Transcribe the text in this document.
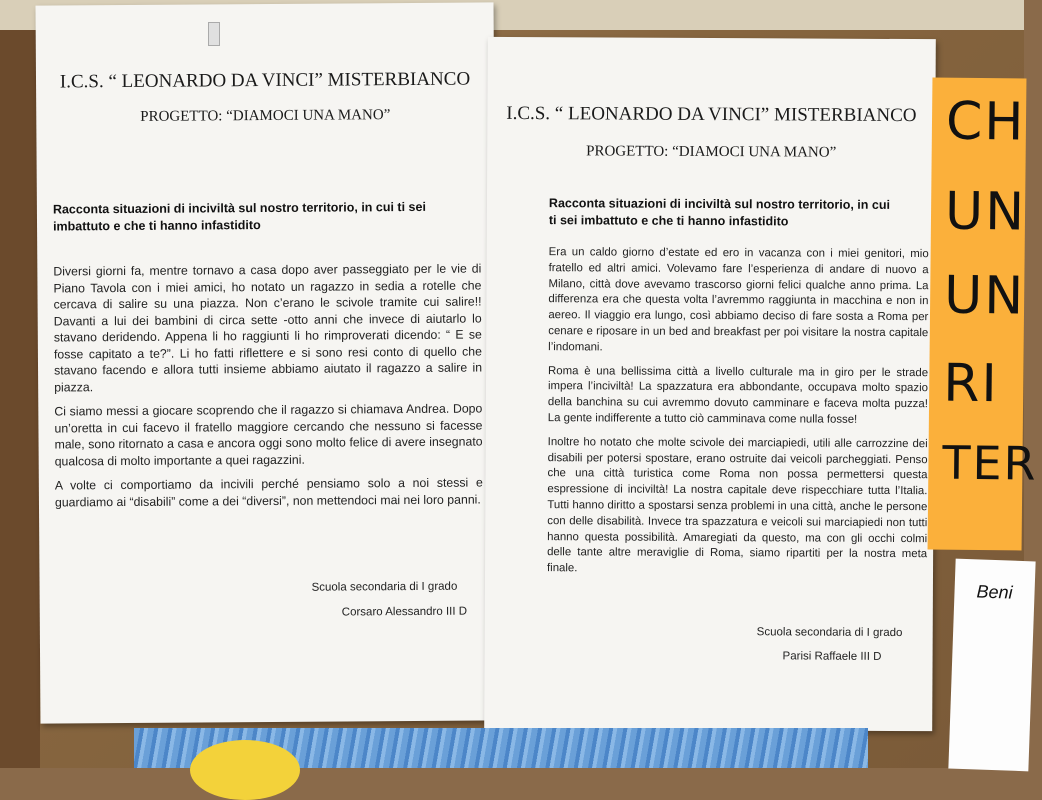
I.C.S. “ LEONARDO DA VINCI” MISTERBIANCO
PROGETTO: “DIAMOCI UNA MANO”
Racconta situazioni di inciviltà sul nostro territorio, in cui ti sei imbattuto e che ti hanno infastidito

Diversi giorni fa, mentre tornavo a casa dopo aver passeggiato per le vie di Piano Tavola con i miei amici, ho notato un ragazzo in sedia a rotelle che cercava di salire su una piazza. Non c’erano le scivole tramite cui salire!! Davanti a lui dei bambini di circa sette -otto anni che invece di aiutarlo lo stavano deridendo. Appena li ho raggiunti li ho rimproverati dicendo: “ E se fosse capitato a te?”. Li ho fatti riflettere e si sono resi conto di quello che stavano facendo e allora tutti insieme abbiamo aiutato il ragazzo a salire in piazza.

Ci siamo messi a giocare scoprendo che il ragazzo si chiamava Andrea. Dopo un’oretta in cui facevo il fratello maggiore cercando che nessuno si facesse male, sono ritornato a casa e ancora oggi sono molto felice di avere insegnato qualcosa di molto importante a quei ragazzini.

A volte ci comportiamo da incivili perché pensiamo solo a noi stessi e guardiamo ai “disabili” come a dei “diversi”, non mettendoci mai nei loro panni.

Scuola secondaria di I grado
Corsaro Alessandro III D
I.C.S. “ LEONARDO DA VINCI” MISTERBIANCO
PROGETTO: “DIAMOCI UNA MANO”
Racconta situazioni di inciviltà sul nostro territorio, in cui ti sei imbattuto e che ti hanno infastidito

Era un caldo giorno d’estate ed ero in vacanza con i miei genitori, mio fratello ed altri amici. Volevamo fare l’esperienza di andare di nuovo a Milano, città dove avevamo trascorso giorni felici qualche anno prima. La differenza era che questa volta l’avremmo raggiunta in macchina e non in aereo. Il viaggio era lungo, così abbiamo deciso di fare sosta a Roma per cenare e riposare in un bed and breakfast per poi visitare la nostra capitale l’indomani.

Roma è una bellissima città a livello culturale ma in giro per le strade impera l’inciviltà! La spazzatura era abbondante, occupava molto spazio della banchina su cui avremmo dovuto camminare e faceva molta puzza! La gente indifferente a tutto ciò camminava come nulla fosse!

Inoltre ho notato che molte scivole dei marciapiedi, utili alle carrozzine dei disabili per potersi spostare, erano ostruite dai veicoli parcheggiati. Penso che una città turistica come Roma non possa permettersi questa espressione di inciviltà! La nostra capitale deve rispecchiare tutta l’Italia. Tutti hanno diritto a spostarsi senza problemi in una città, anche le persone con delle disabilità. Invece tra spazzatura e veicoli sui marciapiedi non tutti hanno questa possibilità. Amaregiati da questo, ma con gli occhi colmi delle tante altre meraviglie di Roma, siamo ripartiti per la nostra meta finale.

Scuola secondaria di I grado
Parisi Raffaele III D
CH
UN
UN
RI
TER
Beni
